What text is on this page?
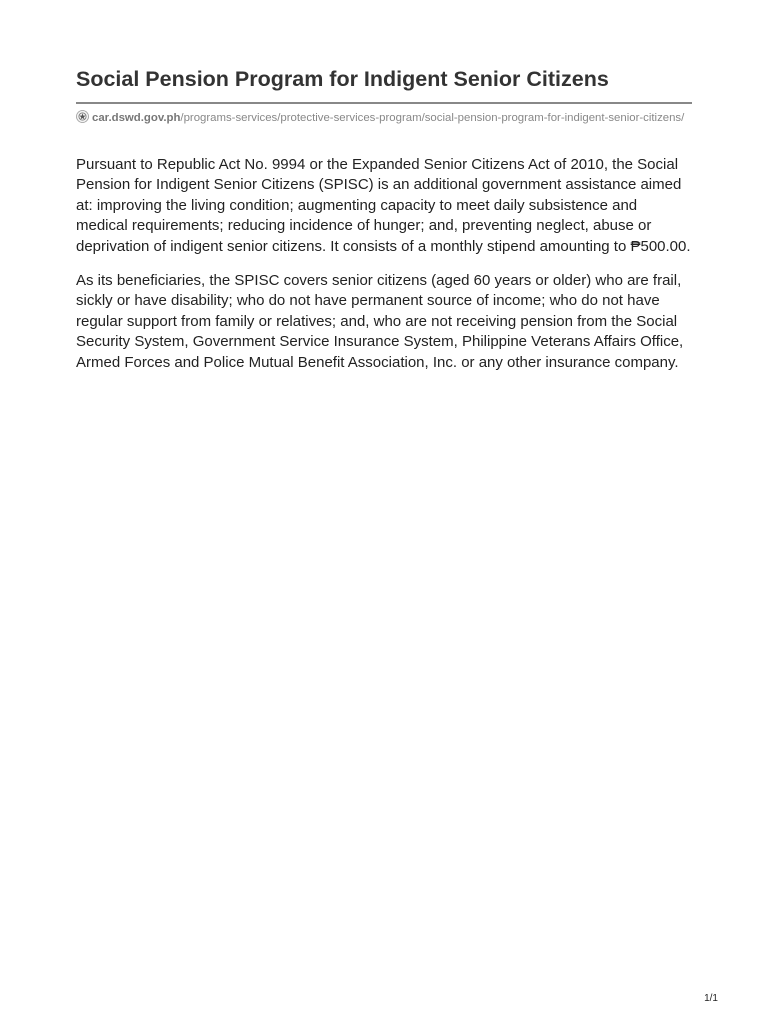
Social Pension Program for Indigent Senior Citizens
car.dswd.gov.ph/programs-services/protective-services-program/social-pension-program-for-indigent-senior-citizens/

Pursuant to Republic Act No. 9994 or the Expanded Senior Citizens Act of 2010, the Social Pension for Indigent Senior Citizens (SPISC) is an additional government assistance aimed at: improving the living condition; augmenting capacity to meet daily subsistence and medical requirements; reducing incidence of hunger; and, preventing neglect, abuse or deprivation of indigent senior citizens. It consists of a monthly stipend amounting to ₱500.00.

As its beneficiaries, the SPISC covers senior citizens (aged 60 years or older) who are frail, sickly or have disability; who do not have permanent source of income; who do not have regular support from family or relatives; and, who are not receiving pension from the Social Security System, Government Service Insurance System, Philippine Veterans Affairs Office, Armed Forces and Police Mutual Benefit Association, Inc. or any other insurance company.

1/1
